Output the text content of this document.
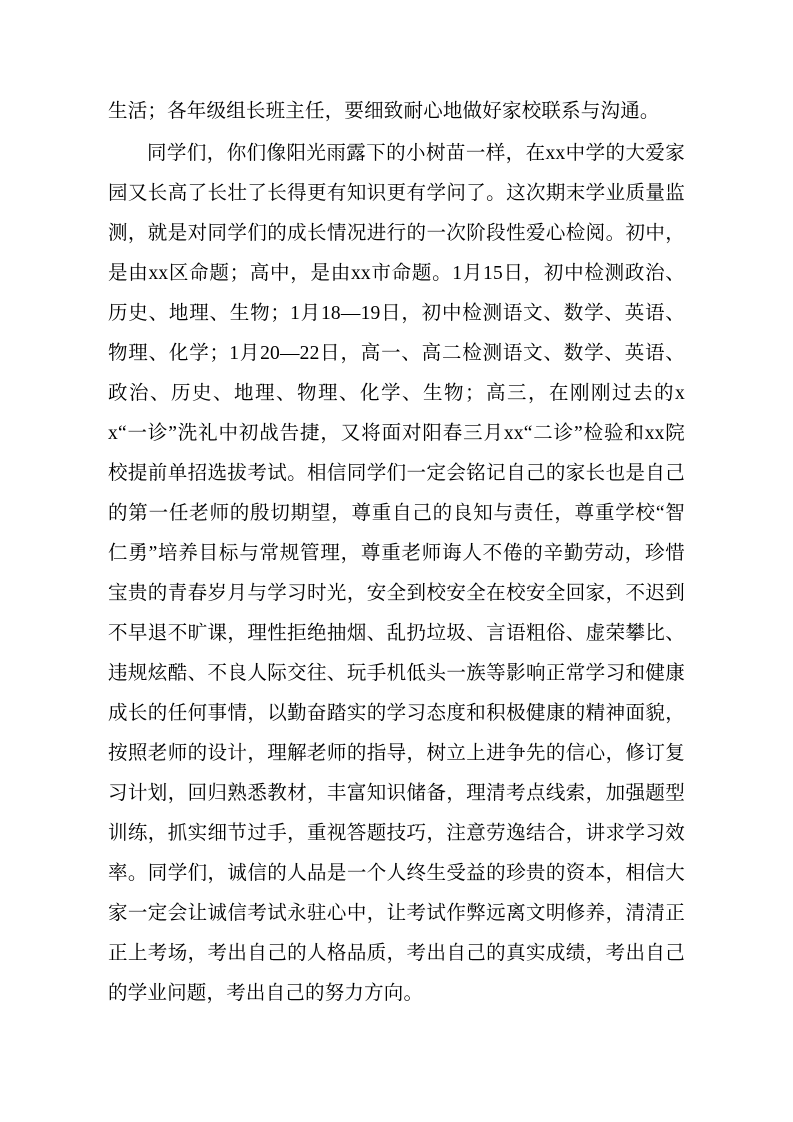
生活；各年级组长班主任，要细致耐心地做好家校联系与沟通。

同学们，你们像阳光雨露下的小树苗一样，在xx中学的大爱家园又长高了长壮了长得更有知识更有学问了。这次期末学业质量监测，就是对同学们的成长情况进行的一次阶段性爱心检阅。初中，是由xx区命题；高中，是由xx市命题。1月15日，初中检测政治、历史、地理、生物；1月18—19日，初中检测语文、数学、英语、物理、化学；1月20—22日，高一、高二检测语文、数学、英语、政治、历史、地理、物理、化学、生物；高三，在刚刚过去的xx“一诊”洗礼中初战告捷，又将面对阳春三月xx“二诊”检验和xx院校提前单招选拔考试。相信同学们一定会铭记自己的家长也是自己的第一任老师的殷切期望，尊重自己的良知与责任，尊重学校“智仁勇”培养目标与常规管理，尊重老师诲人不倦的辛勤劳动，珍惜宝贵的青春岁月与学习时光，安全到校安全在校安全回家，不迟到不早退不旷课，理性拒绝抽烟、乱扔垃圾、言语粗俗、虚荣攀比、违规炫酷、不良人际交往、玩手机低头一族等影响正常学习和健康成长的任何事情，以勤奋踏实的学习态度和积极健康的精神面貌，按照老师的设计，理解老师的指导，树立上进争先的信心，修订复习计划，回归熟悉教材，丰富知识储备，理清考点线索，加强题型训练，抓实细节过手，重视答题技巧，注意劳逸结合，讲求学习效率。同学们，诚信的人品是一个人终生受益的珍贵的资本，相信大家一定会让诚信考试永驻心中，让考试作弊远离文明修养，清清正正上考场，考出自己的人格品质，考出自己的真实成绩，考出自己的学业问题，考出自己的努力方向。
